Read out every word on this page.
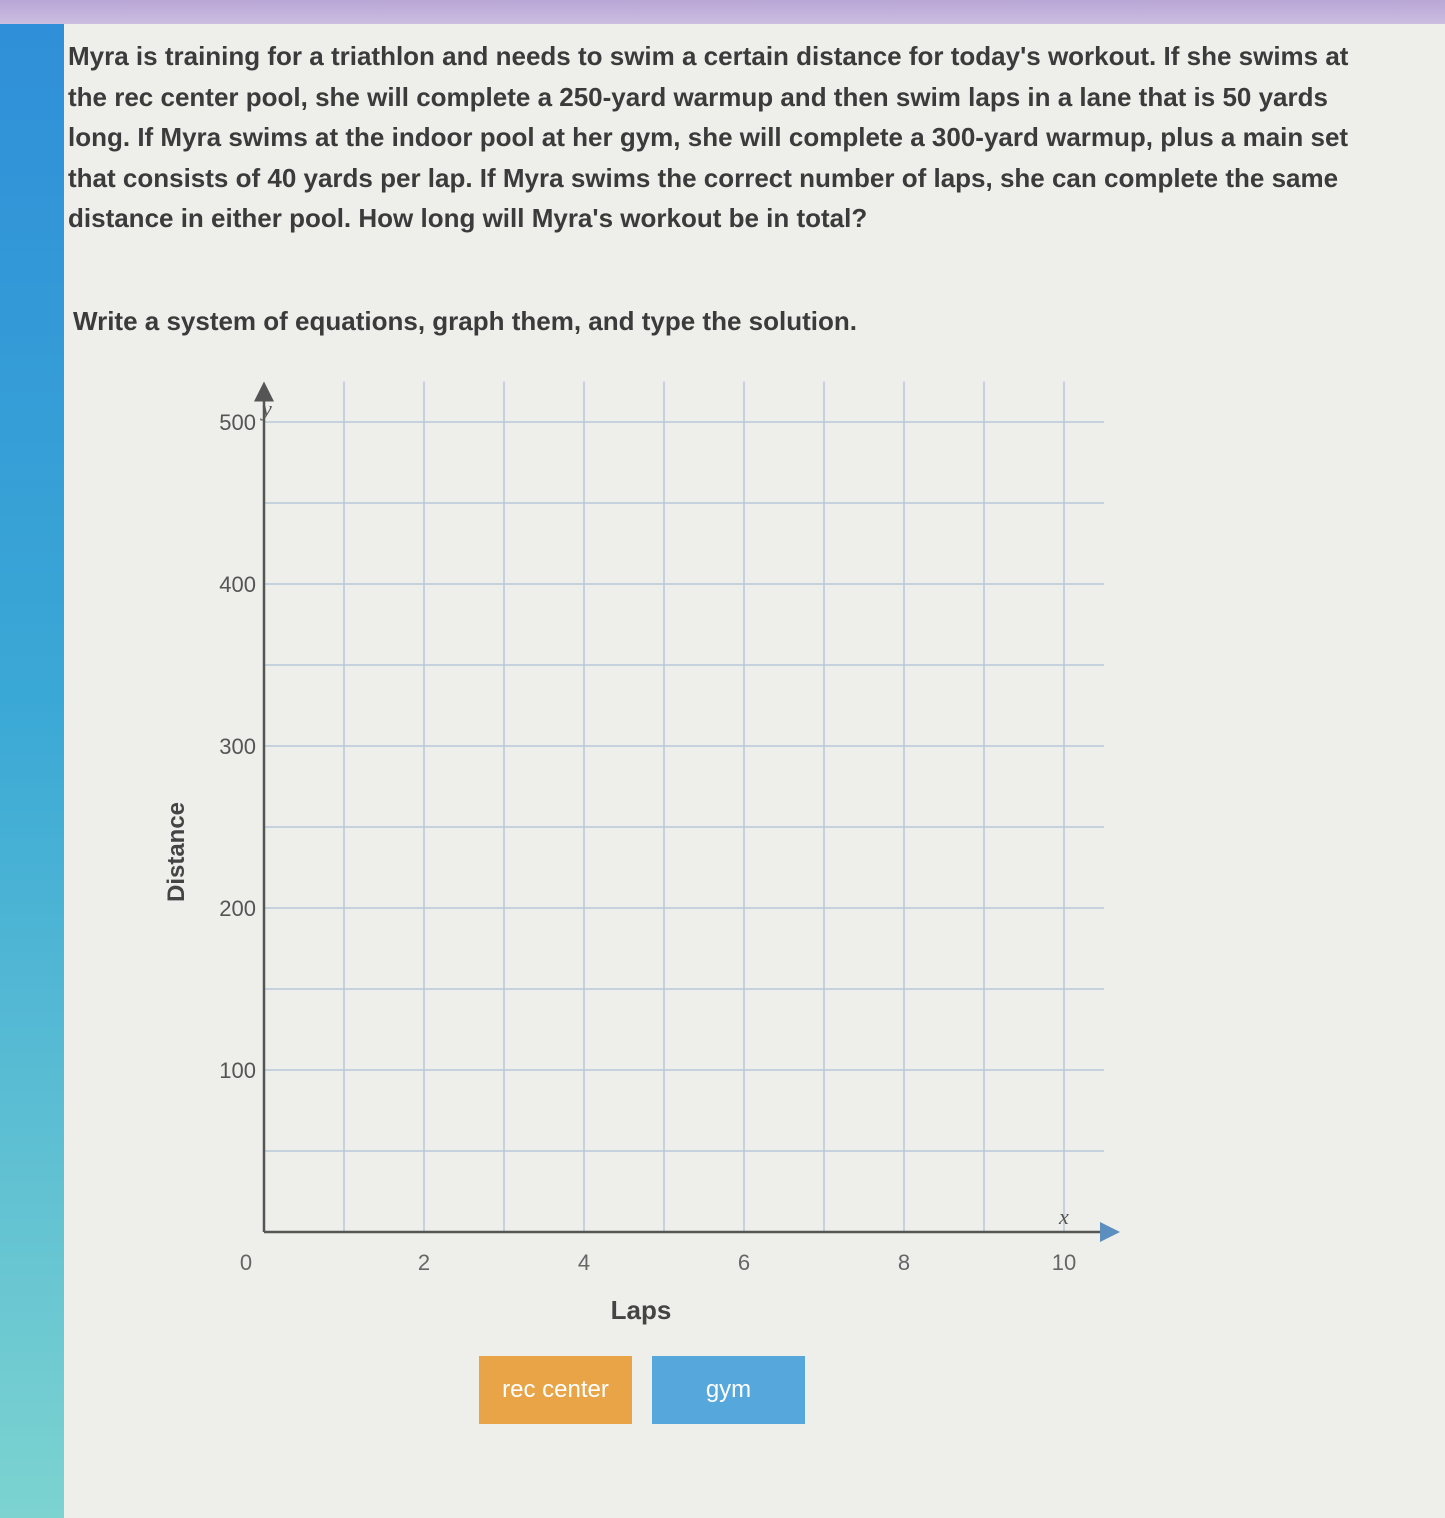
Myra is training for a triathlon and needs to swim a certain distance for today's workout. If she swims at the rec center pool, she will complete a 250-yard warmup and then swim laps in a lane that is 50 yards long. If Myra swims at the indoor pool at her gym, she will complete a 300-yard warmup, plus a main set that consists of 40 yards per lap. If Myra swims the correct number of laps, she can complete the same distance in either pool. How long will Myra's workout be in total?

Write a system of equations, graph them, and type the solution.

0	2	4	6	8	10
100
200
300
400
500
y
x
Laps
Distance
rec center	gym
